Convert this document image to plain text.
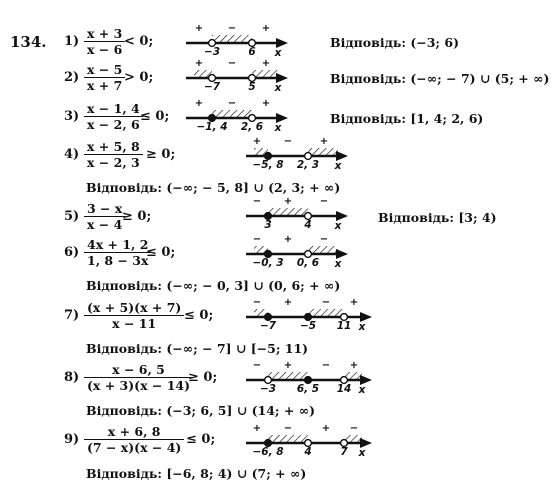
134. $1) \frac{x + 3}{x - 6}$
< 0;	Відповідь: (−3; 6)
$2) \frac{x - 5}{x + 7}$
> 0;	Відповідь: (−∞; − 7) ∪ (5; + ∞)
$3) \frac{x - 1, 4}{x - 2, 6}$
≤ 0;	Відповідь: [1, 4; 2, 6)
$4) \frac{x + 5, 8}{x - 2, 3} \ge 0$;
Відповідь: (−∞; − 5, 8] ∪ (2, 3; + ∞)
$5) \frac{3 - x}{x - 4}$
≥ 0;	Відповідь: [3; 4)
$6) \frac{4x + 1, 2}{1, 8 - 3x}$
≤ 0;
Відповідь: (−∞; − 0, 3] ∪ (0, 6; + ∞)
$7) \frac{(x + 5)(x + 7)}{x - 11} \le 0$;
Відповідь: (−∞; − 7] ∪ [−5; 11)
$8) \frac{x - 6, 5}{(x + 3)(x - 14)}$
≥ 0;
Відповідь: (−3; 6, 5] ∪ (14; + ∞)
$9) \frac{x + 6, 8}{(7 - x)(x - 4)} \le 0$;
Відповідь: [−6, 8; 4) ∪ (7; + ∞)
−3	6 x
+ −	+
−7	5 x
+ −	+
−1, 4 2, 6 x
+ −	+
−5, 8 2, 3 x
+ −	+
3	4 x
− +	−
−0, 3 0, 6 x
− +	−
−7 −5 11 x
− +	− +
−3 6, 5 14 x
− +	− +
−6, 8 4	7 x
+ −	+ −
